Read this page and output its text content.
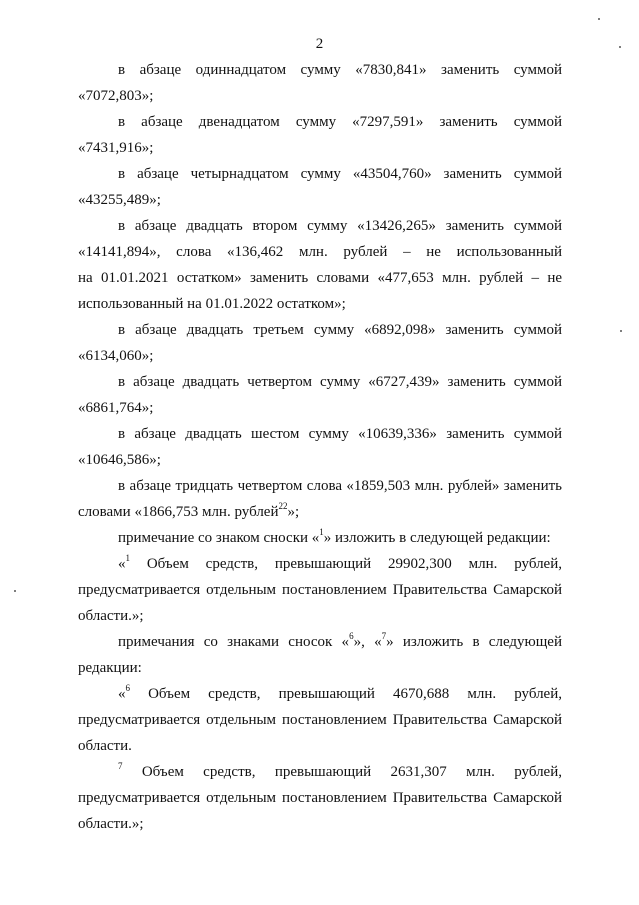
2

в абзаце одиннадцатом сумму «7830,841» заменить суммой

«7072,803»;

в абзаце двенадцатом сумму «7297,591» заменить суммой

«7431,916»;

в абзаце четырнадцатом сумму «43504,760» заменить суммой

«43255,489»;

в абзаце двадцать втором сумму «13426,265» заменить суммой

«14141,894», слова «136,462 млн. рублей – не использованный

на 01.01.2021 остатком» заменить словами «477,653 млн. рублей – не

использованный на 01.01.2022 остатком»;

в абзаце двадцать третьем сумму «6892,098» заменить суммой

«6134,060»;

в абзаце двадцать четвертом сумму «6727,439» заменить суммой

«6861,764»;

в абзаце двадцать шестом сумму «10639,336» заменить суммой

«10646,586»;

в абзаце тридцать четвертом слова «1859,503 млн. рублей» заменить

словами «1866,753 млн. рублей$^{22}$»;

примечание со знаком сноски «$^1$» изложить в следующей редакции:

«$^1$ Объем средств, превышающий 29902,300 млн. рублей,

предусматривается отдельным постановлением Правительства Самарской

области.»;

примечания со знаками сносок «$^6$», «$^7$» изложить в следующей

редакции:

«$^6$ Объем средств, превышающий 4670,688 млн. рублей,

предусматривается отдельным постановлением Правительства Самарской

области.

$^7$ Объем средств, превышающий 2631,307 млн. рублей,

предусматривается отдельным постановлением Правительства Самарской

области.»;
